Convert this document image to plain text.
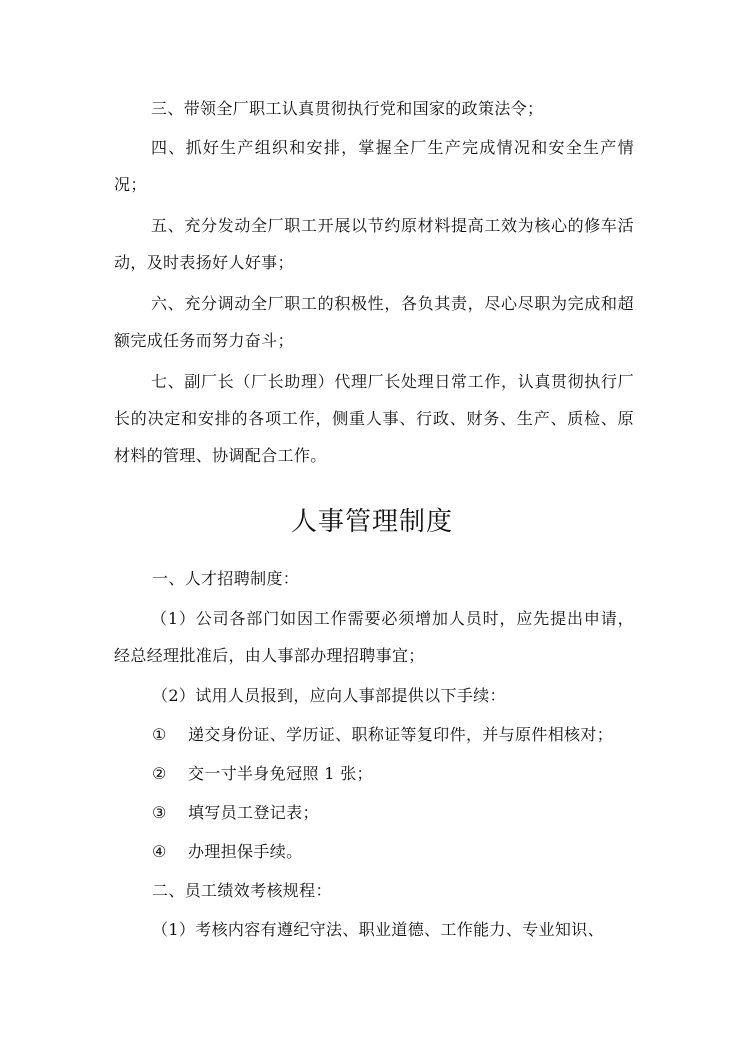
三、带领全厂职工认真贯彻执行党和国家的政策法令；

四、抓好生产组织和安排，掌握全厂生产完成情况和安全生产情况；

五、充分发动全厂职工开展以节约原材料提高工效为核心的修车活动，及时表扬好人好事；

六、充分调动全厂职工的积极性，各负其责，尽心尽职为完成和超额完成任务而努力奋斗；

七、副厂长（厂长助理）代理厂长处理日常工作，认真贯彻执行厂长的决定和安排的各项工作，侧重人事、行政、财务、生产、质检、原材料的管理、协调配合工作。

人事管理制度

一、人才招聘制度：

（1）公司各部门如因工作需要必须增加人员时，应先提出申请，经总经理批准后，由人事部办理招聘事宜；

（2）试用人员报到，应向人事部提供以下手续：

① 递交身份证、学历证、职称证等复印件，并与原件相核对；

② 交一寸半身免冠照 1 张；

③ 填写员工登记表；

④ 办理担保手续。

二、员工绩效考核规程：

（1）考核内容有遵纪守法、职业道德、工作能力、专业知识、
